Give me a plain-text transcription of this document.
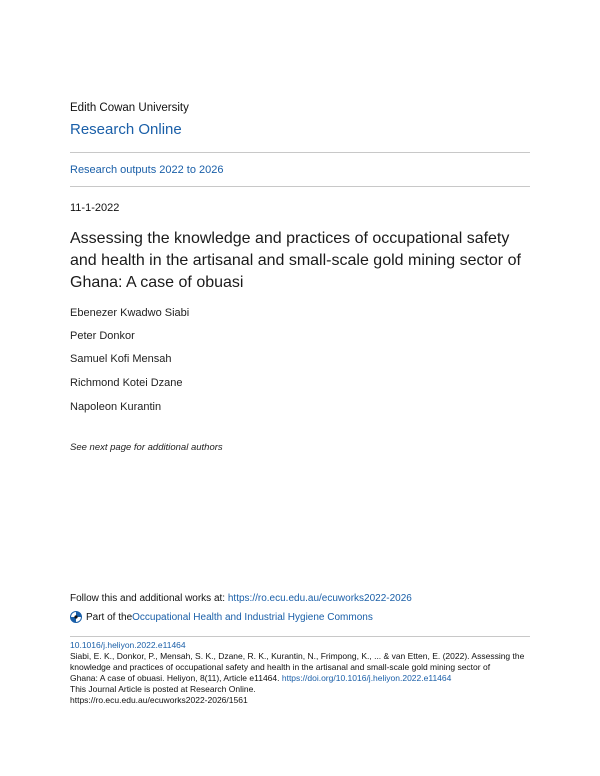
Edith Cowan University
Research Online
Research outputs 2022 to 2026
11-1-2022
Assessing the knowledge and practices of occupational safety
and health in the artisanal and small-scale gold mining sector of
Ghana: A case of obuasi
Ebenezer Kwadwo Siabi
Peter Donkor
Samuel Kofi Mensah
Richmond Kotei Dzane
Napoleon Kurantin
See next page for additional authors
Follow this and additional works at: https://ro.ecu.edu.au/ecuworks2022-2026
Part of the Occupational Health and Industrial Hygiene Commons
10.1016/j.heliyon.2022.e11464
Siabi, E. K., Donkor, P., Mensah, S. K., Dzane, R. K., Kurantin, N., Frimpong, K., ... & van Etten, E. (2022). Assessing the
knowledge and practices of occupational safety and health in the artisanal and small-scale gold mining sector of
Ghana: A case of obuasi. Heliyon, 8(11), Article e11464. https://doi.org/10.1016/j.heliyon.2022.e11464
This Journal Article is posted at Research Online.
https://ro.ecu.edu.au/ecuworks2022-2026/1561
